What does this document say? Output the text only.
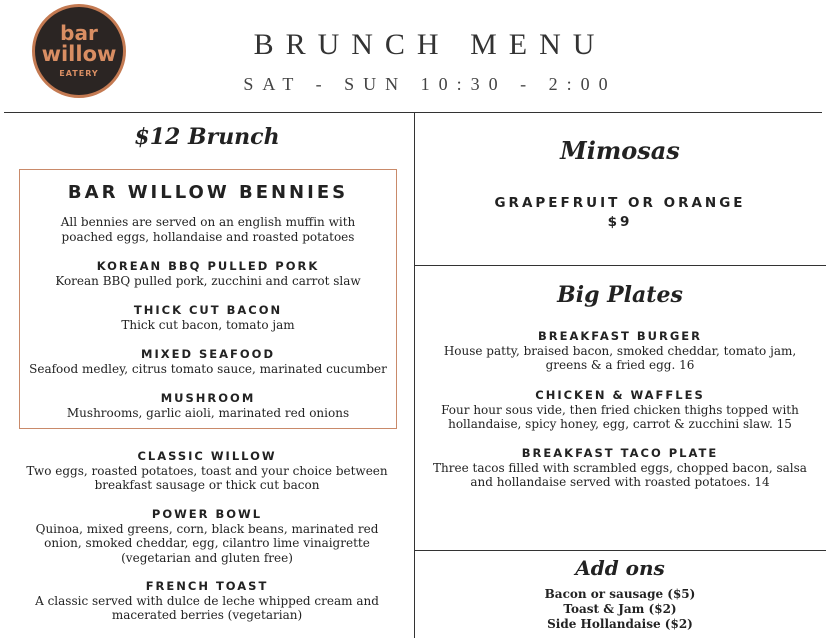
bar
willow
EATERY
BRUNCH MENU
SAT - SUN 10:30 - 2:00
$12 Brunch
BAR WILLOW BENNIES
All bennies are served on an english muffin with
poached eggs, hollandaise and roasted potatoes
KOREAN BBQ PULLED PORK
Korean BBQ pulled pork, zucchini and carrot slaw
THICK CUT BACON
Thick cut bacon, tomato jam
MIXED SEAFOOD
Seafood medley, citrus tomato sauce, marinated cucumber
MUSHROOM
Mushrooms, garlic aioli, marinated red onions
CLASSIC WILLOW
Two eggs, roasted potatoes, toast and your choice between
breakfast sausage or thick cut bacon
POWER BOWL
Quinoa, mixed greens, corn, black beans, marinated red
onion, smoked cheddar, egg, cilantro lime vinaigrette
(vegetarian and gluten free)
FRENCH TOAST
A classic served with dulce de leche whipped cream and
macerated berries (vegetarian)
Mimosas
GRAPEFRUIT OR ORANGE
$9
Big Plates
BREAKFAST BURGER
House patty, braised bacon, smoked cheddar, tomato jam,
greens & a fried egg. 16
CHICKEN & WAFFLES
Four hour sous vide, then fried chicken thighs topped with
hollandaise, spicy honey, egg, carrot & zucchini slaw. 15
BREAKFAST TACO PLATE
Three tacos filled with scrambled eggs, chopped bacon, salsa
and hollandaise served with roasted potatoes. 14
Add ons
Bacon or sausage ($5)
Toast & Jam ($2)
Side Hollandaise ($2)
